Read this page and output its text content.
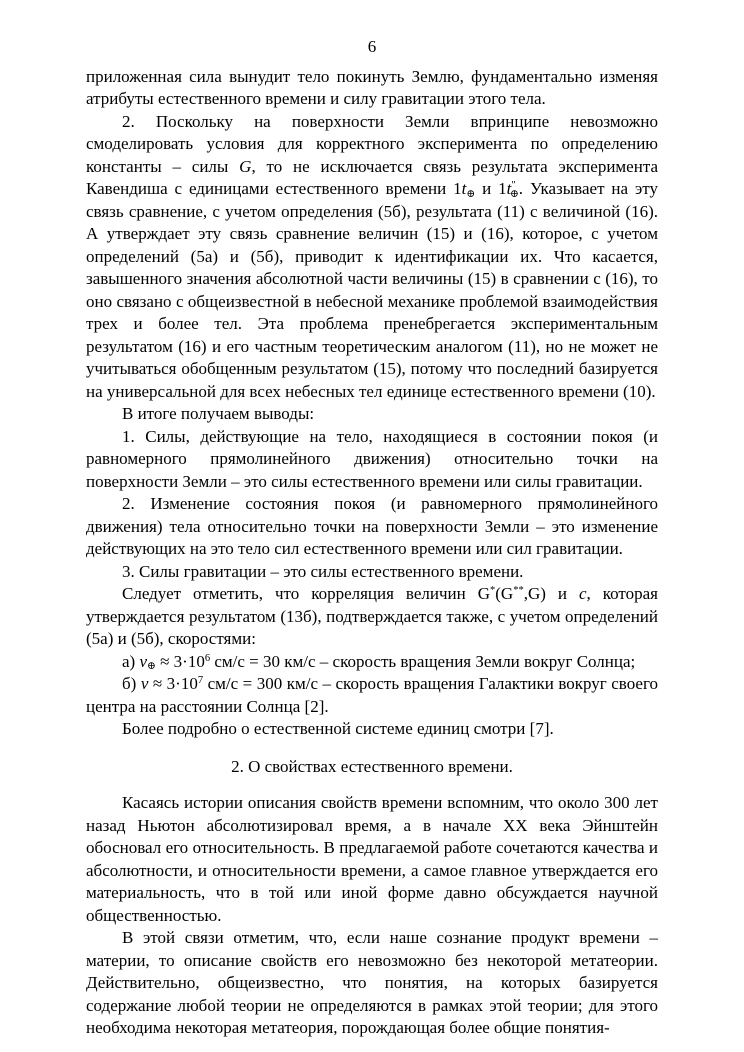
6

приложенная сила вынудит тело покинуть Землю, фундаментально изменяя атрибуты естественного времени и силу гравитации этого тела.

2. Поскольку на поверхности Земли впринципе невозможно смоделировать условия для корректного эксперимента по определению константы – силы G, то не исключается связь результата эксперимента Кавендиша с единицами естественного времени $1t_\oplus$ и $1t''_\oplus$. Указывает на эту связь сравнение, с учетом определения (5б), результата (11) с величиной (16). А утверждает эту связь сравнение величин (15) и (16), которое, с учетом определений (5а) и (5б), приводит к идентификации их. Что касается, завышенного значения абсолютной части величины (15) в сравнении с (16), то оно связано с общеизвестной в небесной механике проблемой взаимодействия трех и более тел. Эта проблема пренебрегается экспериментальным результатом (16) и его частным теоретическим аналогом (11), но не может не учитываться обобщенным результатом (15), потому что последний базируется на универсальной для всех небесных тел единице естественного времени (10).

В итоге получаем выводы:

1. Силы, действующие на тело, находящиеся в состоянии покоя (и равномерного прямолинейного движения) относительно точки на поверхности Земли – это силы естественного времени или силы гравитации.

2. Изменение состояния покоя (и равномерного прямолинейного движения) тела относительно точки на поверхности Земли – это изменение действующих на это тело сил естественного времени или сил гравитации.

3. Силы гравитации – это силы естественного времени.

Следует отметить, что корреляция величин G*(G**,G) и c, которая утверждается результатом (13б), подтверждается также, с учетом определений (5а) и (5б), скоростями:

а) $v_\oplus \approx 3\cdot 10^6$ см/с = 30 км/с – скорость вращения Земли вокруг Солнца;

б) $v \approx 3\cdot 10^7$ см/с = 300 км/с – скорость вращения Галактики вокруг своего центра на расстоянии Солнца [2].

Более подробно о естественной системе единиц смотри [7].

2. О свойствах естественного времени.

Касаясь истории описания свойств времени вспомним, что около 300 лет назад Ньютон абсолютизировал время, а в начале XX века Эйнштейн обосновал его относительность. В предлагаемой работе сочетаются качества и абсолютности, и относительности времени, а самое главное утверждается его материальность, что в той или иной форме давно обсуждается научной общественностью.

В этой связи отметим, что, если наше сознание продукт времени – материи, то описание свойств его невозможно без некоторой метатеории. Действительно, общеизвестно, что понятия, на которых базируется содержание любой теории не определяются в рамках этой теории; для этого необходима некоторая метатеория, порождающая более общие понятия-
